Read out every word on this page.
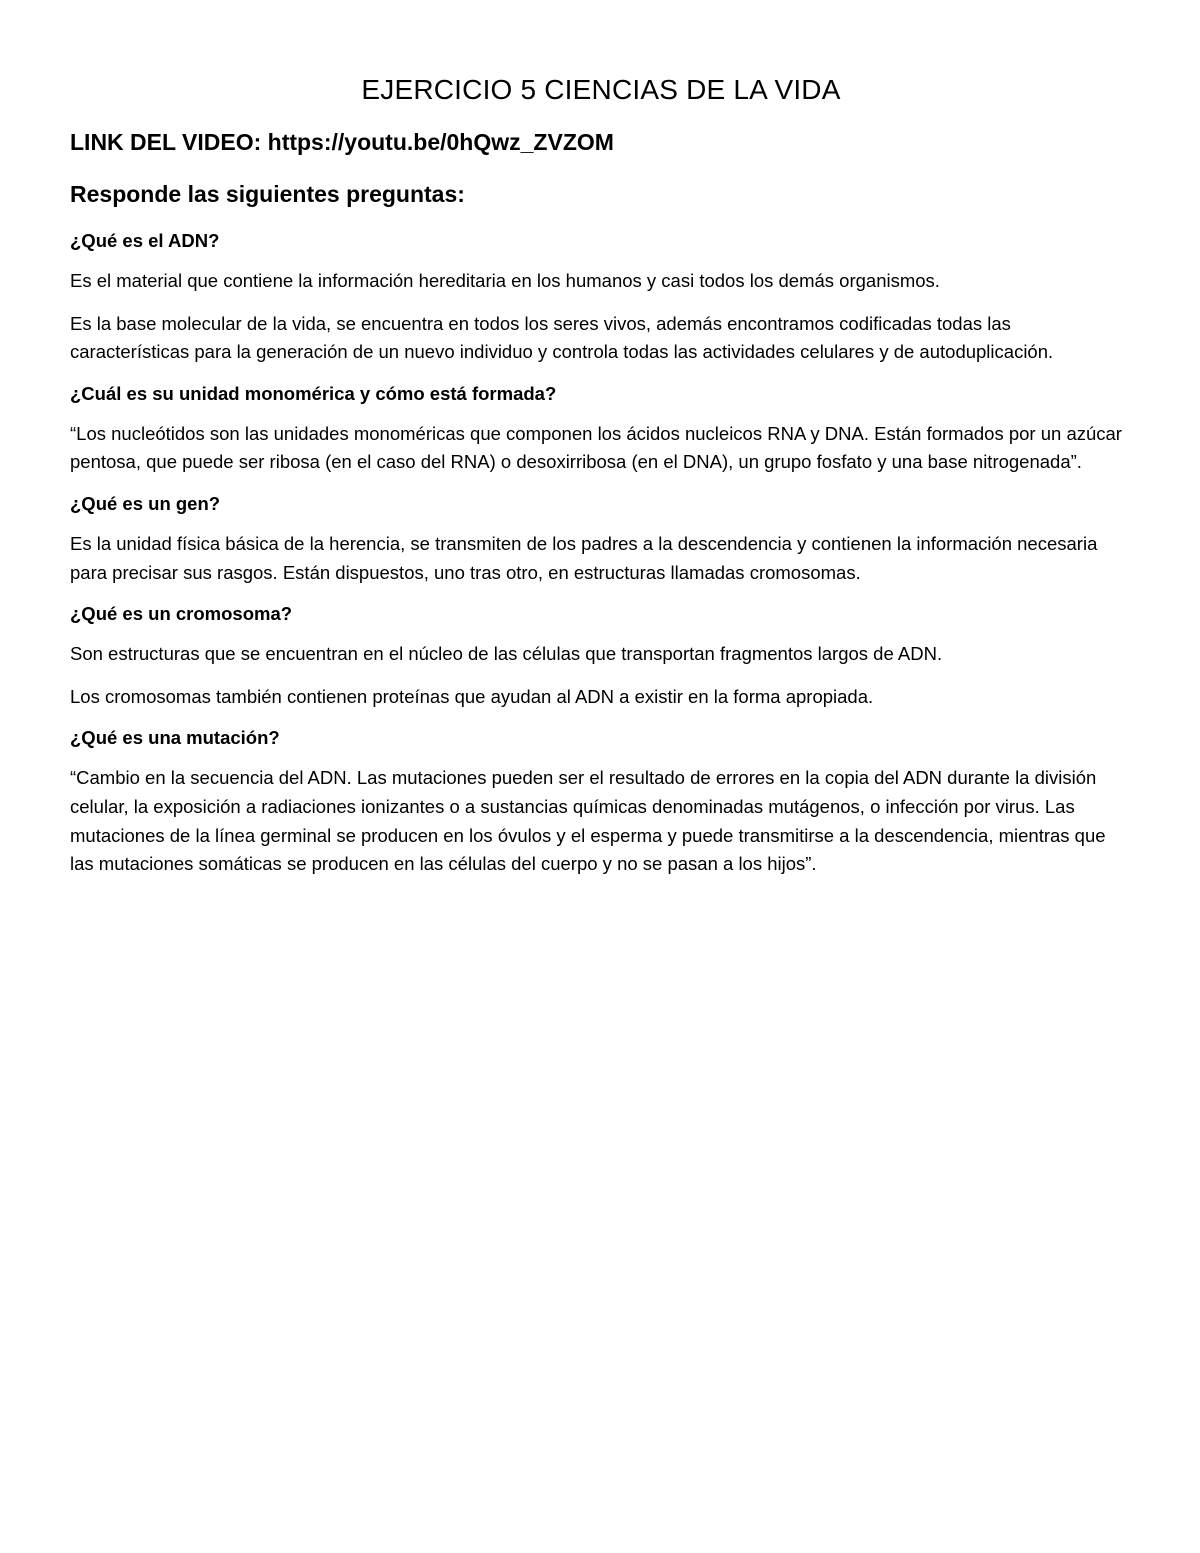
EJERCICIO 5 CIENCIAS DE LA VIDA

LINK DEL VIDEO: https://youtu.be/0hQwz_ZVZOM

Responde las siguientes preguntas:

¿Qué es el ADN?

Es el material que contiene la información hereditaria en los humanos y casi todos los demás organismos.

Es la base molecular de la vida, se encuentra en todos los seres vivos, además encontramos codificadas todas las características para la generación de un nuevo individuo y controla todas las actividades celulares y de autoduplicación.

¿Cuál es su unidad monomérica y cómo está formada?

“Los nucleótidos son las unidades monoméricas que componen los ácidos nucleicos RNA y DNA. Están formados por un azúcar pentosa, que puede ser ribosa (en el caso del RNA) o desoxirribosa (en el DNA), un grupo fosfato y una base nitrogenada”.

¿Qué es un gen?

Es la unidad física básica de la herencia, se transmiten de los padres a la descendencia y contienen la información necesaria para precisar sus rasgos. Están dispuestos, uno tras otro, en estructuras llamadas cromosomas.

¿Qué es un cromosoma?

Son estructuras que se encuentran en el núcleo de las células que transportan fragmentos largos de ADN.

Los cromosomas también contienen proteínas que ayudan al ADN a existir en la forma apropiada.

¿Qué es una mutación?

“Cambio en la secuencia del ADN. Las mutaciones pueden ser el resultado de errores en la copia del ADN durante la división celular, la exposición a radiaciones ionizantes o a sustancias químicas denominadas mutágenos, o infección por virus. Las mutaciones de la línea germinal se producen en los óvulos y el esperma y puede transmitirse a la descendencia, mientras que las mutaciones somáticas se producen en las células del cuerpo y no se pasan a los hijos”.
